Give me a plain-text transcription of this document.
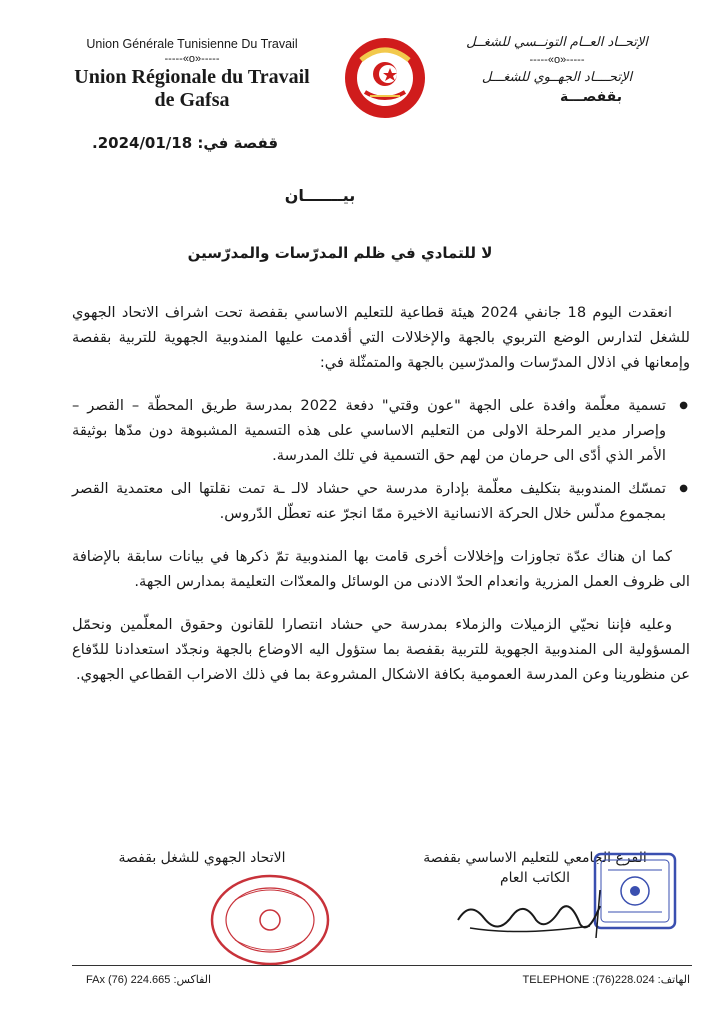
Union Générale Tunisienne Du Travail
-----«o»-----
Union Régionale du Travail
de Gafsa
الإتحــاد العــام التونــسي للشغــل
-----«o»-----
الإتحــــاد الجهــوي للشغـــل
بقفصـــة
قفصة في: 2024/01/18.
بيـــــــان
لا للتمادي في ظلم المدرّسات والمدرّسين

انعقدت اليوم 18 جانفي 2024 هيئة قطاعية للتعليم الاساسي بقفصة تحت اشراف الاتحاد الجهوي للشغل لتدارس الوضع التربوي بالجهة والإخلالات التي أقدمت عليها المندوبية الجهوية للتربية بقفصة وإمعانها في اذلال المدرّسات والمدرّسين بالجهة والمتمثّلة في:

● تسمية معلّمة وافدة على الجهة "عون وقتي" دفعة 2022 بمدرسة طريق المحطّة – القصر – وإصرار مدير المرحلة الاولى من التعليم الاساسي على هذه التسمية المشبوهة دون مدّها بوثيقة الأمر الذي أدّى الى حرمان من لهم حق التسمية في تلك المدرسة.
● تمسّك المندوبية بتكليف معلّمة بإدارة مدرسة حي حشاد لالـ ـة تمت نقلتها الى معتمدية القصر بمجموع مدلّس خلال الحركة الانسانية الاخيرة ممّا انجرّ عنه تعطّل الدّروس.

كما ان هناك عدّة تجاوزات وإخلالات أخرى قامت بها المندوبية تمّ ذكرها في بيانات سابقة بالإضافة الى ظروف العمل المزرية وانعدام الحدّ الادنى من الوسائل والمعدّات التعليمة بمدارس الجهة.

وعليه فإننا نحيّي الزميلات والزملاء بمدرسة حي حشاد انتصارا للقانون وحقوق المعلّمين ونحمّل المسؤولية الى المندوبية الجهوية للتربية بقفصة بما ستؤول اليه الاوضاع بالجهة ونجدّد استعدادنا للدّفاع عن منظورينا وعن المدرسة العمومية بكافة الاشكال المشروعة بما في ذلك الاضراب القطاعي الجهوي.

الفرع الجامعي للتعليم الاساسي بقفصة
الكاتب العام
الاتحاد الجهوي للشغل بقفصة
FAx (76) 224.665 :الفاكس	TELEPHONE :(76)228.024 :الهاتف
